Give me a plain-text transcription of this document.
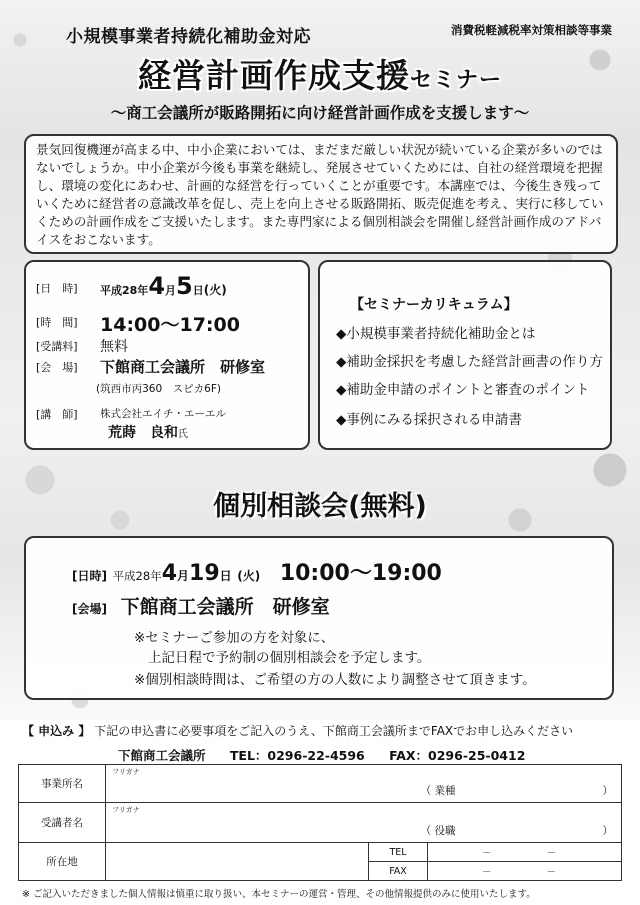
小規模事業者持続化補助金対応	消費税軽減税率対策相談等事業
経営計画作成支援セミナー
～商工会議所が販路開拓に向け経営計画作成を支援します～
景気回復機運が高まる中、中小企業においては、まだまだ厳しい状況が続いている企業が多いのではないでしょうか。中小企業が今後も事業を継続し、発展させていくためには、自社の経営環境を把握し、環境の変化にあわせ、計画的な経営を行っていくことが重要です。本講座では、今後生き残っていくために経営者の意識改革を促し、売上を向上させる販路開拓、販売促進を考え、実行に移していくための計画作成をご支援いたします。また専門家による個別相談会を開催し経営計画作成のアドバイスをおこないます。
[日　時]	平成28年4月5日(火)
[時　間]	14:00～17:00
[受講料]	無料
[会　場]	下館商工会議所　研修室
(筑西市丙360　スピカ6F)
[講　師]	株式会社エイチ・エーエル
荒蒔　良和氏
【セミナーカリキュラム】
◆小規模事業者持続化補助金とは
◆補助金採択を考慮した経営計画書の作り方
◆補助金申請のポイントと審査のポイント
◆事例にみる採択される申請書
個別相談会(無料)
[日時] 平成28年4月19日 (火) 10:00～19:00
[会場] 下館商工会議所　研修室
※セミナーご参加の方を対象に、
上記日程で予約制の個別相談会を予定します。
※個別相談時間は、ご希望の方の人数により調整させて頂きます。
【 申込み 】 下記の申込書に必要事項をご記入のうえ、下館商工会議所までFAXでお申し込みください
下館商工会議所 TEL：0296-22-4596 FAX：0296-25-0412
事業所名	フリガナ
（ 業種　　　　　　　　　　　　　　）		

受講者名	フリガナ
（ 役職　　　　　　　　　　　　　　）		

所在地		TEL	－ －
		FAX	－ －
※ ご記入いただきました個人情報は慎重に取り扱い、本セミナーの運営・管理、その他情報提供のみに使用いたします。
